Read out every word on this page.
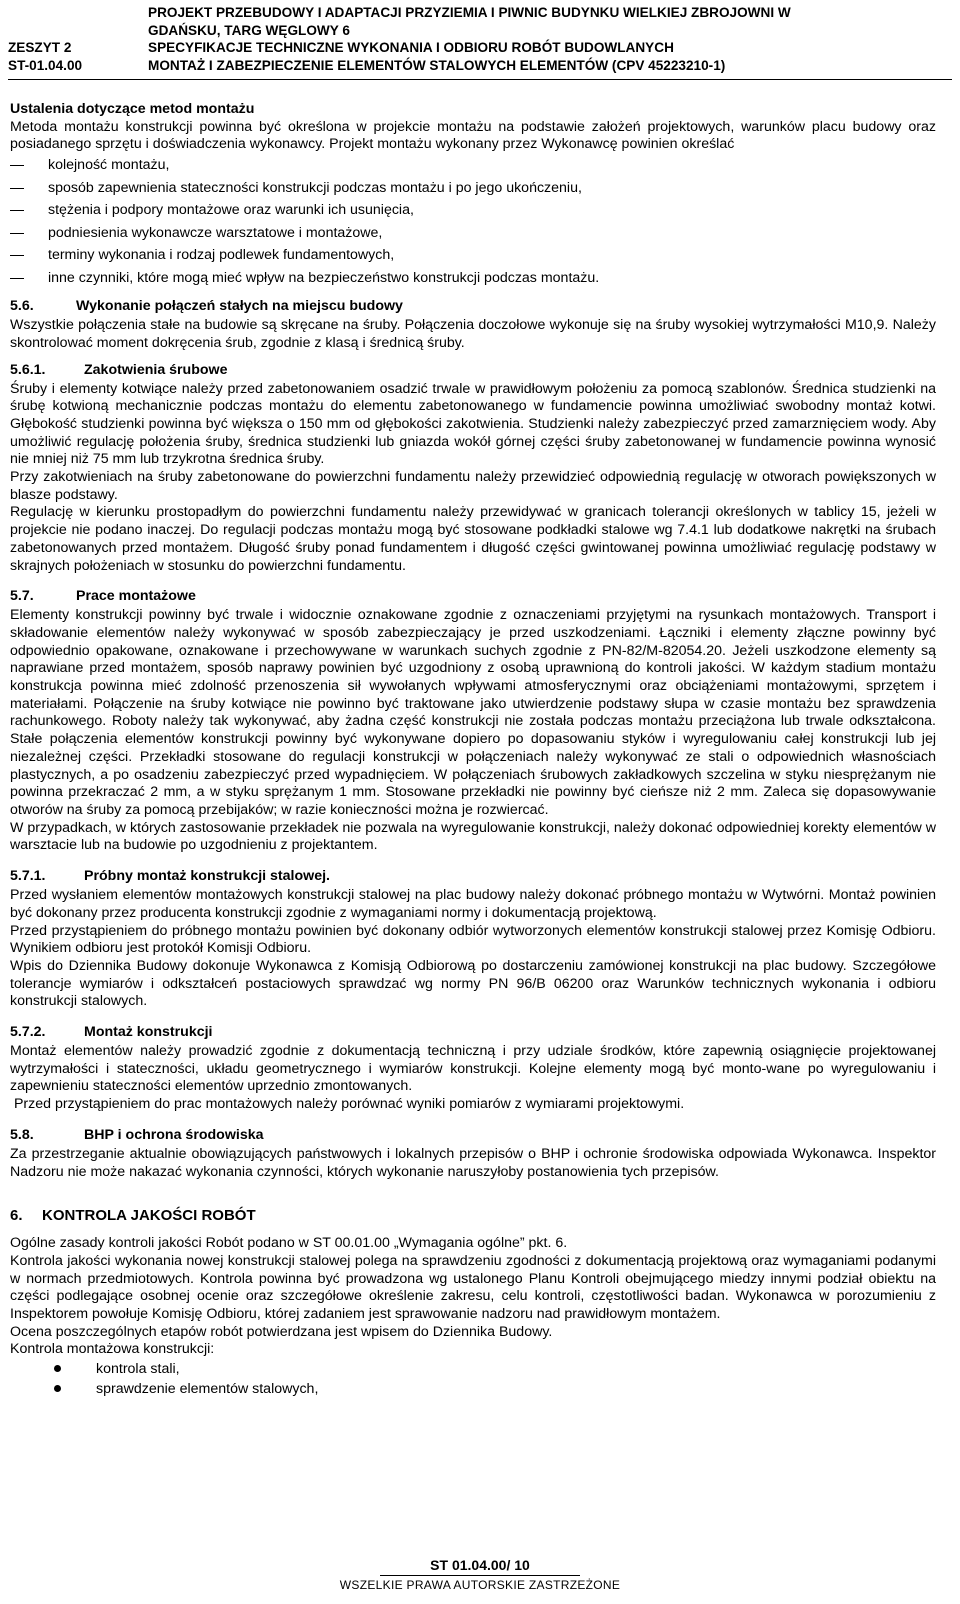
ZESZYT 2
ST-01.04.00
PROJEKT PRZEBUDOWY I ADAPTACJI PRZYZIEMIA I PIWNIC BUDYNKU WIELKIEJ ZBROJOWNI W
GDAŃSKU, TARG WĘGLOWY 6
SPECYFIKACJE TECHNICZNE WYKONANIA I ODBIORU ROBÓT BUDOWLANYCH
MONTAŻ I ZABEZPIECZENIE ELEMENTÓW STALOWYCH ELEMENTÓW (CPV 45223210-1)

Ustalenia dotyczące metod montażu

Metoda montażu konstrukcji powinna być określona w projekcie montażu na podstawie założeń projektowych, warunków placu budowy oraz posiadanego sprzętu i doświadczenia wykonawcy. Projekt montażu wykonany przez Wykonawcę powinien określać

kolejność montażu,
sposób zapewnienia stateczności konstrukcji podczas montażu i po jego ukończeniu,
stężenia i podpory montażowe oraz warunki ich usunięcia,
podniesienia wykonawcze warsztatowe i montażowe,
terminy wykonania i rodzaj podlewek fundamentowych,
inne czynniki, które mogą mieć wpływ na bezpieczeństwo konstrukcji podczas montażu.
5.6.	Wykonanie połączeń stałych na miejscu budowy

Wszystkie połączenia stałe na budowie są skręcane na śruby. Połączenia doczołowe wykonuje się na śruby wysokiej wytrzymałości M10,9. Należy skontrolować moment dokręcenia śrub, zgodnie z klasą i średnicą śruby.

5.6.1.	Zakotwienia śrubowe

Śruby i elementy kotwiące należy przed zabetonowaniem osadzić trwale w prawidłowym położeniu za pomocą szablonów. Średnica studzienki na śrubę kotwioną mechanicznie podczas montażu do elementu zabetonowanego w fundamencie powinna umożliwiać swobodny montaż kotwi. Głębokość studzienki powinna być większa o 150 mm od głębokości zakotwienia. Studzienki należy zabezpieczyć przed zamarznięciem wody. Aby umożliwić regulację położenia śruby, średnica studzienki lub gniazda wokół górnej części śruby zabetonowanej w fundamencie powinna wynosić nie mniej niż 75 mm lub trzykrotna średnica śruby.

Przy zakotwieniach na śruby zabetonowane do powierzchni fundamentu należy przewidzieć odpowiednią regulację w otworach powiększonych w blasze podstawy.

Regulację w kierunku prostopadłym do powierzchni fundamentu należy przewidywać w granicach tolerancji określonych w tablicy 15, jeżeli w projekcie nie podano inaczej. Do regulacji podczas montażu mogą być stosowane podkładki stalowe wg 7.4.1 lub dodatkowe nakrętki na śrubach zabetonowanych przed montażem. Długość śruby ponad fundamentem i długość części gwintowanej powinna umożliwiać regulację podstawy w skrajnych położeniach w stosunku do powierzchni fundamentu.

5.7.	Prace montażowe

Elementy konstrukcji powinny być trwale i widocznie oznakowane zgodnie z oznaczeniami przyjętymi na rysunkach montażowych. Transport i składowanie elementów należy wykonywać w sposób zabezpieczający je przed uszkodzeniami. Łączniki i elementy złączne powinny być odpowiednio opakowane, oznakowane i przechowywane w warunkach suchych zgodnie z PN-82/M-82054.20. Jeżeli uszkodzone elementy są naprawiane przed montażem, sposób naprawy powinien być uzgodniony z osobą uprawnioną do kontroli jakości. W każdym stadium montażu konstrukcja powinna mieć zdolność przenoszenia sił wywołanych wpływami atmosferycznymi oraz obciążeniami montażowymi, sprzętem i materiałami. Połączenie na śruby kotwiące nie powinno być traktowane jako utwierdzenie podstawy słupa w czasie montażu bez sprawdzenia rachunkowego. Roboty należy tak wykonywać, aby żadna część konstrukcji nie została podczas montażu przeciążona lub trwale odkształcona. Stałe połączenia elementów konstrukcji powinny być wykonywane dopiero po dopasowaniu styków i wyregulowaniu całej konstrukcji lub jej niezależnej części. Przekładki stosowane do regulacji konstrukcji w połączeniach należy wykonywać ze stali o odpowiednich własnościach plastycznych, a po osadzeniu zabezpieczyć przed wypadnięciem. W połączeniach śrubowych zakładkowych szczelina w styku niesprężanym nie powinna przekraczać 2 mm, a w styku sprężanym 1 mm. Stosowane przekładki nie powinny być cieńsze niż 2 mm. Zaleca się dopasowywanie otworów na śruby za pomocą przebijaków; w razie konieczności można je rozwiercać.

W przypadkach, w których zastosowanie przekładek nie pozwala na wyregulowanie konstrukcji, należy dokonać odpowiedniej korekty elementów w warsztacie lub na budowie po uzgodnieniu z projektantem.

5.7.1.	Próbny montaż konstrukcji stalowej.

Przed wysłaniem elementów montażowych konstrukcji stalowej na plac budowy należy dokonać próbnego montażu w Wytwórni. Montaż powinien być dokonany przez producenta konstrukcji zgodnie z wymaganiami normy i dokumentacją projektową.

Przed przystąpieniem do próbnego montażu powinien być dokonany odbiór wytworzonych elementów konstrukcji stalowej przez Komisję Odbioru. Wynikiem odbioru jest protokół Komisji Odbioru.

Wpis do Dziennika Budowy dokonuje Wykonawca z Komisją Odbiorową po dostarczeniu zamówionej konstrukcji na plac budowy. Szczegółowe tolerancje wymiarów i odkształceń postaciowych sprawdzać wg normy PN 96/B 06200 oraz Warunków technicznych wykonania i odbioru konstrukcji stalowych.

5.7.2.	Montaż konstrukcji

Montaż elementów należy prowadzić zgodnie z dokumentacją techniczną i przy udziale środków, które zapewnią osiągnięcie projektowanej wytrzymałości i stateczności, układu geometrycznego i wymiarów konstrukcji. Kolejne elementy mogą być monto-wane po wyregulowaniu i zapewnieniu stateczności elementów uprzednio zmontowanych.

Przed przystąpieniem do prac montażowych należy porównać wyniki pomiarów z wymiarami projektowymi.

5.8.	BHP i ochrona środowiska

Za przestrzeganie aktualnie obowiązujących państwowych i lokalnych przepisów o BHP i ochronie środowiska odpowiada Wykonawca. Inspektor Nadzoru nie może nakazać wykonania czynności, których wykonanie naruszyłoby postanowienia tych przepisów.

6. KONTROLA JAKOŚCI ROBÓT

Ogólne zasady kontroli jakości Robót podano w ST 00.01.00 „Wymagania ogólne” pkt. 6.

Kontrola jakości wykonania nowej konstrukcji stalowej polega na sprawdzeniu zgodności z dokumentacją projektową oraz wymaganiami podanymi w normach przedmiotowych. Kontrola powinna być prowadzona wg ustalonego Planu Kontroli obejmującego miedzy innymi podział obiektu na części podlegające osobnej ocenie oraz szczegółowe określenie zakresu, celu kontroli, częstotliwości badan. Wykonawca w porozumieniu z Inspektorem powołuje Komisję Odbioru, której zadaniem jest sprawowanie nadzoru nad prawidłowym montażem.

Ocena poszczególnych etapów robót potwierdzana jest wpisem do Dziennika Budowy.

Kontrola montażowa konstrukcji:

kontrola stali,
sprawdzenie elementów stalowych,
ST 01.04.00/ 10
WSZELKIE PRAWA AUTORSKIE ZASTRZEŻONE
